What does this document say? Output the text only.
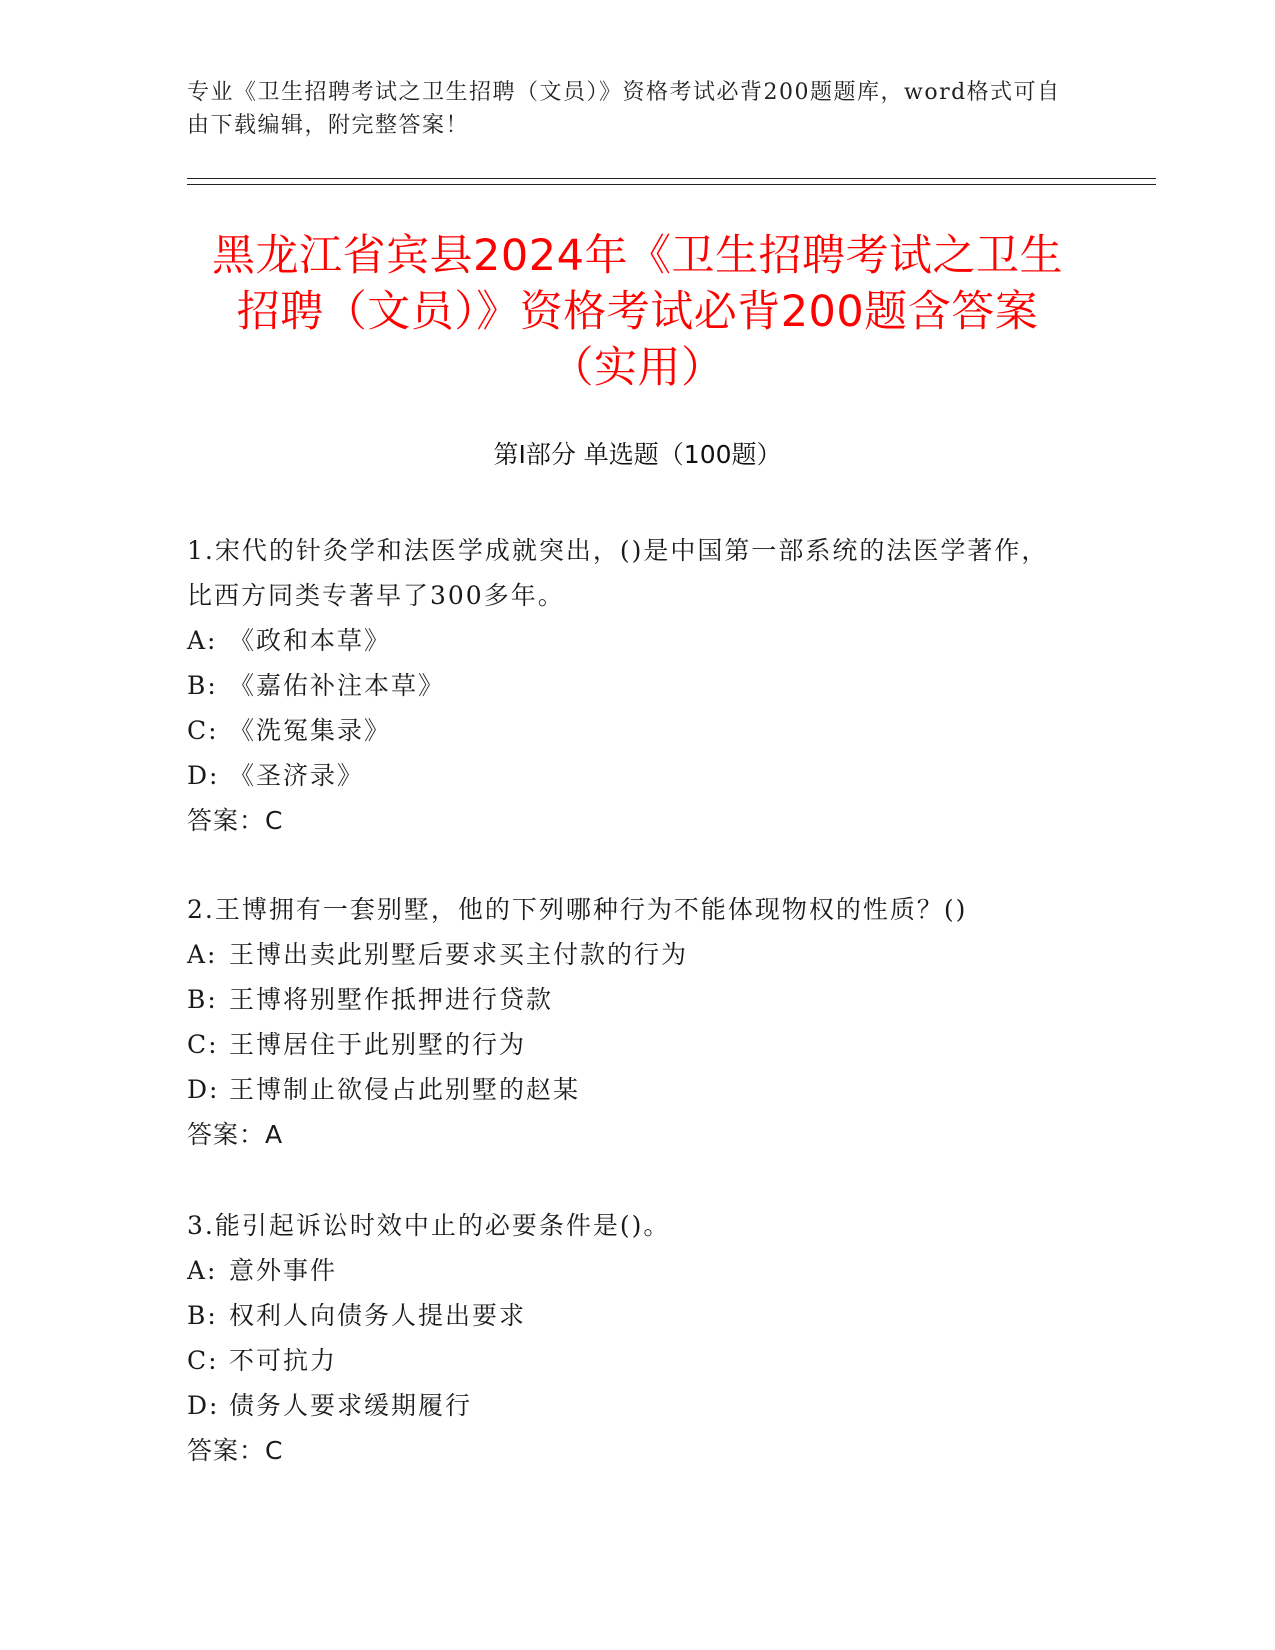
专业《卫生招聘考试之卫生招聘（文员）》资格考试必背200题题库，word格式可自由下载编辑，附完整答案！
黑龙江省宾县2024年《卫生招聘考试之卫生
招聘（文员）》资格考试必背200题含答案
（实用）
第Ⅰ部分 单选题（100题）
1.宋代的针灸学和法医学成就突出，()是中国第一部系统的法医学著作，比西方同类专著早了300多年。
A: 《政和本草》
B: 《嘉佑补注本草》
C: 《洗冤集录》
D: 《圣济录》
答案：C
2.王博拥有一套别墅，他的下列哪种行为不能体现物权的性质？()
A: 王博出卖此别墅后要求买主付款的行为
B: 王博将别墅作抵押进行贷款
C: 王博居住于此别墅的行为
D: 王博制止欲侵占此别墅的赵某
答案：A
3.能引起诉讼时效中止的必要条件是()。
A: 意外事件
B: 权利人向债务人提出要求
C: 不可抗力
D: 债务人要求缓期履行
答案：C
